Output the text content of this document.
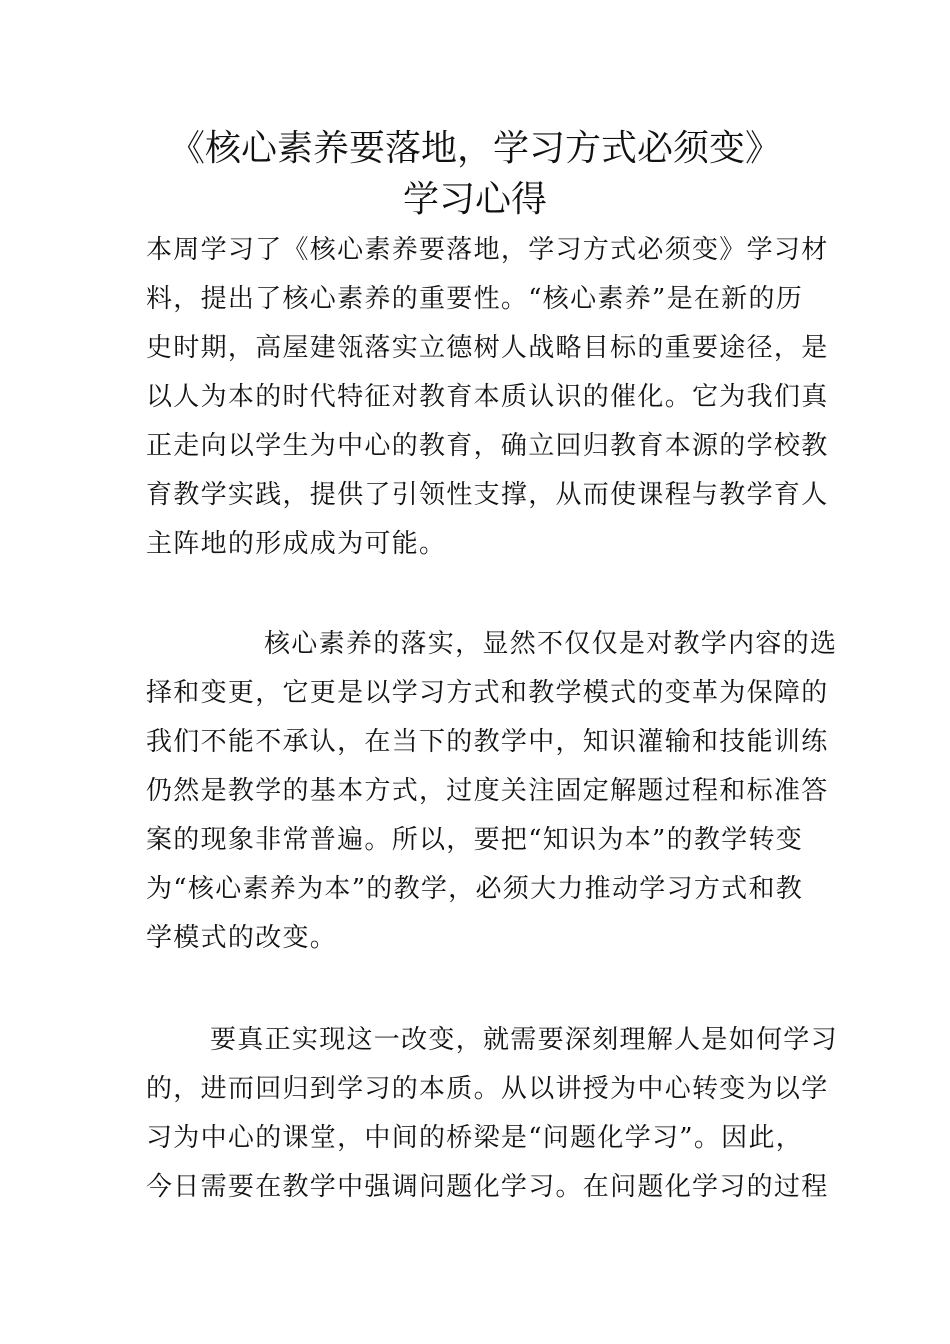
《核心素养要落地，学习方式必须变》
学习心得
本周学习了《核心素养要落地，学习方式必须变》学习材
料，提出了核心素养的重要性。“核心素养”是在新的历
史时期，高屋建瓴落实立德树人战略目标的重要途径，是
以人为本的时代特征对教育本质认识的催化。它为我们真
正走向以学生为中心的教育，确立回归教育本源的学校教
育教学实践，提供了引领性支撑，从而使课程与教学育人
主阵地的形成成为可能。
核心素养的落实，显然不仅仅是对教学内容的选
择和变更，它更是以学习方式和教学模式的变革为保障的
我们不能不承认，在当下的教学中，知识灌输和技能训练
仍然是教学的基本方式，过度关注固定解题过程和标准答
案的现象非常普遍。所以，要把“知识为本”的教学转变
为“核心素养为本”的教学，必须大力推动学习方式和教
学模式的改变。
要真正实现这一改变，就需要深刻理解人是如何学习
的，进而回归到学习的本质。从以讲授为中心转变为以学
习为中心的课堂，中间的桥梁是“问题化学习”。因此，
今日需要在教学中强调问题化学习。在问题化学习的过程
